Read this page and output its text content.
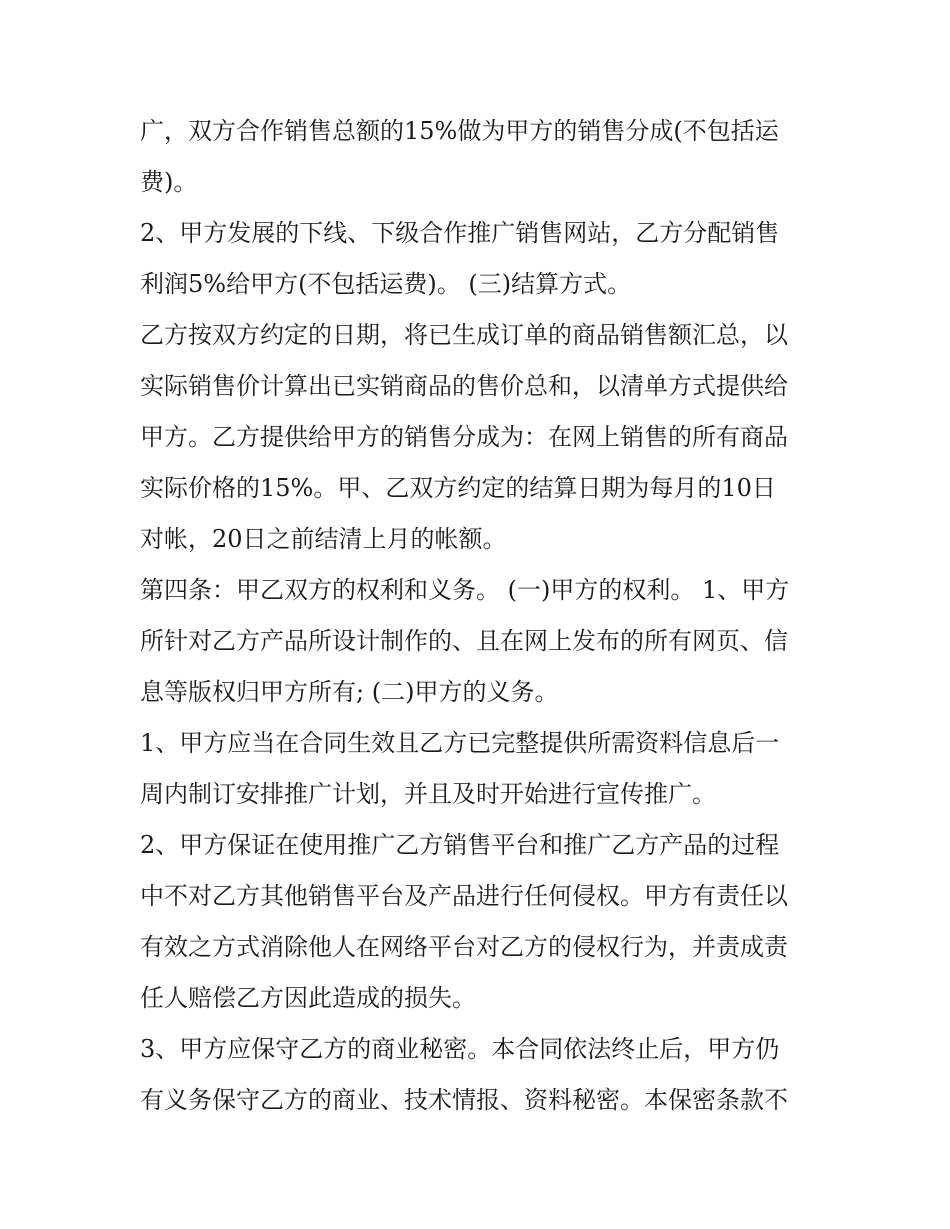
广，双方合作销售总额的15%做为甲方的销售分成(不包括运
费)。
2、甲方发展的下线、下级合作推广销售网站，乙方分配销售
利润5%给甲方(不包括运费)。 (三)结算方式。
乙方按双方约定的日期，将已生成订单的商品销售额汇总，以
实际销售价计算出已实销商品的售价总和，以清单方式提供给
甲方。乙方提供给甲方的销售分成为：在网上销售的所有商品
实际价格的15%。甲、乙双方约定的结算日期为每月的10日
对帐，20日之前结清上月的帐额。
第四条：甲乙双方的权利和义务。 (一)甲方的权利。 1、甲方
所针对乙方产品所设计制作的、且在网上发布的所有网页、信
息等版权归甲方所有; (二)甲方的义务。
1、甲方应当在合同生效且乙方已完整提供所需资料信息后一
周内制订安排推广计划，并且及时开始进行宣传推广。
2、甲方保证在使用推广乙方销售平台和推广乙方产品的过程
中不对乙方其他销售平台及产品进行任何侵权。甲方有责任以
有效之方式消除他人在网络平台对乙方的侵权行为，并责成责
任人赔偿乙方因此造成的损失。
3、甲方应保守乙方的商业秘密。本合同依法终止后，甲方仍
有义务保守乙方的商业、技术情报、资料秘密。本保密条款不
